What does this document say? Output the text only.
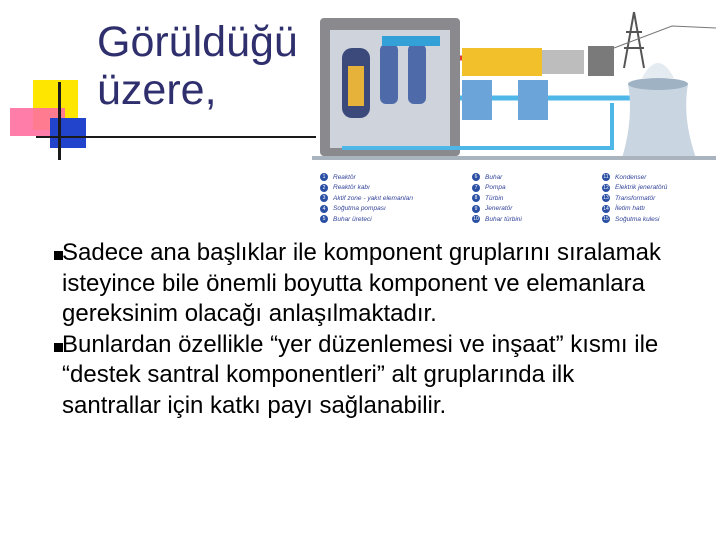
Görüldüğü
üzere,
1	Reaktör
2	Reaktör kabı
3	Aktif zone - yakıt elemanları
4	Soğutma pompası
5	Buhar üreteci
6	Buhar
7	Pompa
8	Türbin
9	Jeneratör
10 Buhar türbini
11 Kondenser
12 Elektrik jeneratörü
13 Transformatör
14 İletim hattı
15 Soğutma kulesi
Sadece ana başlıklar ile komponent gruplarını sıralamak isteyince bile önemli boyutta komponent ve elemanlara gereksinim olacağı anlaşılmaktadır.
Bunlardan özellikle “yer düzenlemesi ve inşaat” kısmı ile “destek santral komponentleri” alt gruplarında ilk santrallar için katkı payı sağlanabilir.
